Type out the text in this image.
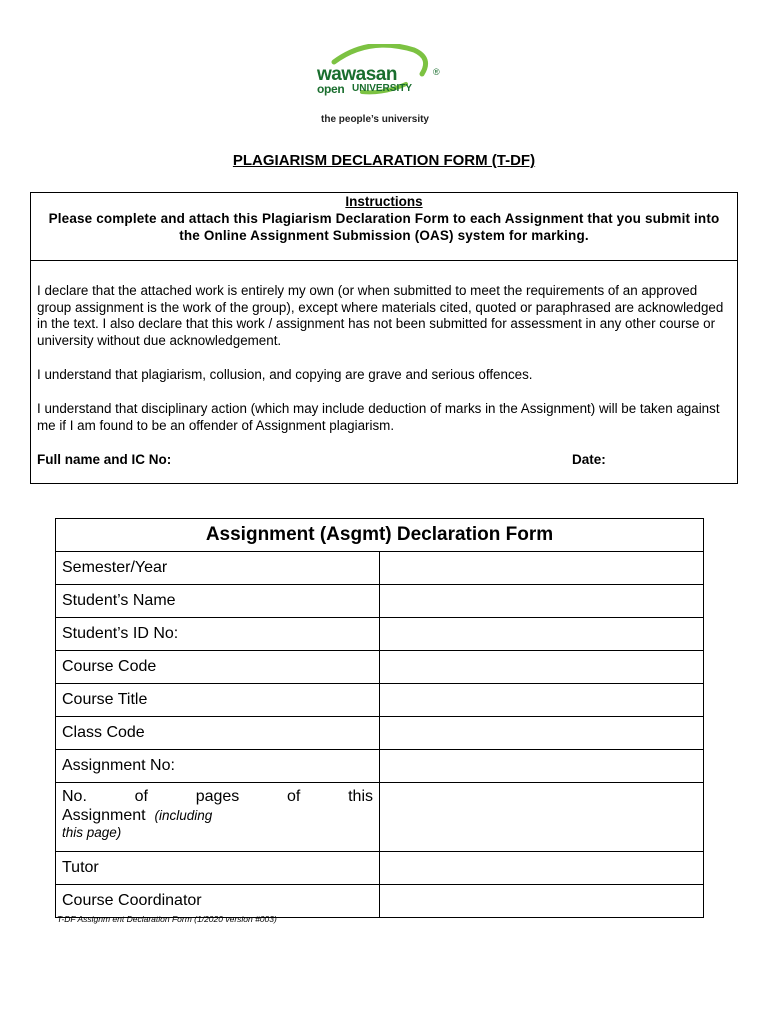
wawasan	®
open UNIVERSITY
the people’s university
PLAGIARISM DECLARATION FORM (T-DF)
Instructions
Please complete and attach this Plagiarism Declaration Form to each Assignment that you submit into the Online Assignment Submission (OAS) system for marking.
I declare that the attached work is entirely my own (or when submitted to meet the requirements of an approved group assignment is the work of the group), except where materials cited, quoted or paraphrased are acknowledged in the text. I also declare that this work / assignment has not been submitted for assessment in any other course or university without due acknowledgement.
I understand that plagiarism, collusion, and copying are grave and serious offences.
I understand that disciplinary action (which may include deduction of marks in the Assignment) will be taken against me if I am found to be an offender of Assignment plagiarism.
Full name and IC No:	Date:
Assignment (Asgmt) Declaration Form	
Semester/Year	
Student’s Name	
Student’s ID No:	
Course Code	
Course Title	
Class Code	
Assignment No:	

No. of pages of this
Assignment (including
this page)	

Tutor	
Course Coordinator	
T-DF Assignm ent Declaration Form (1/2020 version #003)
